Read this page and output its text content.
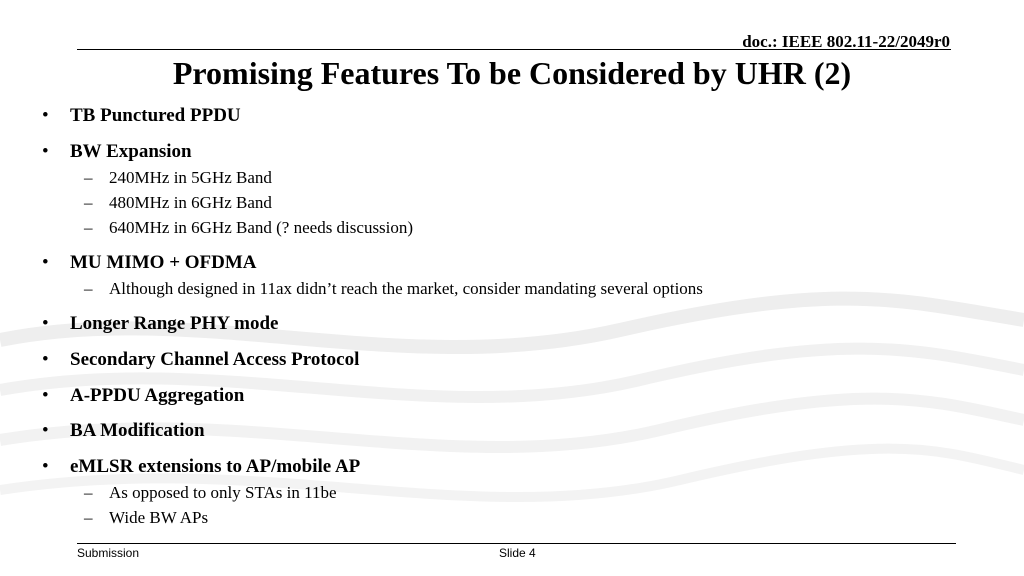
doc.: IEEE 802.11-22/2049r0
Promising Features To be Considered by UHR (2)
• TB Punctured PPDU
• BW Expansion
– 240MHz in 5GHz Band
– 480MHz in 6GHz Band
– 640MHz in 6GHz Band (? needs discussion)
• MU MIMO + OFDMA
– Although designed in 11ax didn’t reach the market, consider mandating several options
• Longer Range PHY mode
• Secondary Channel Access Protocol
• A-PPDU Aggregation
• BA Modification
• eMLSR extensions to AP/mobile AP
– As opposed to only STAs in 11be
– Wide BW APs
Submission	Slide 4
